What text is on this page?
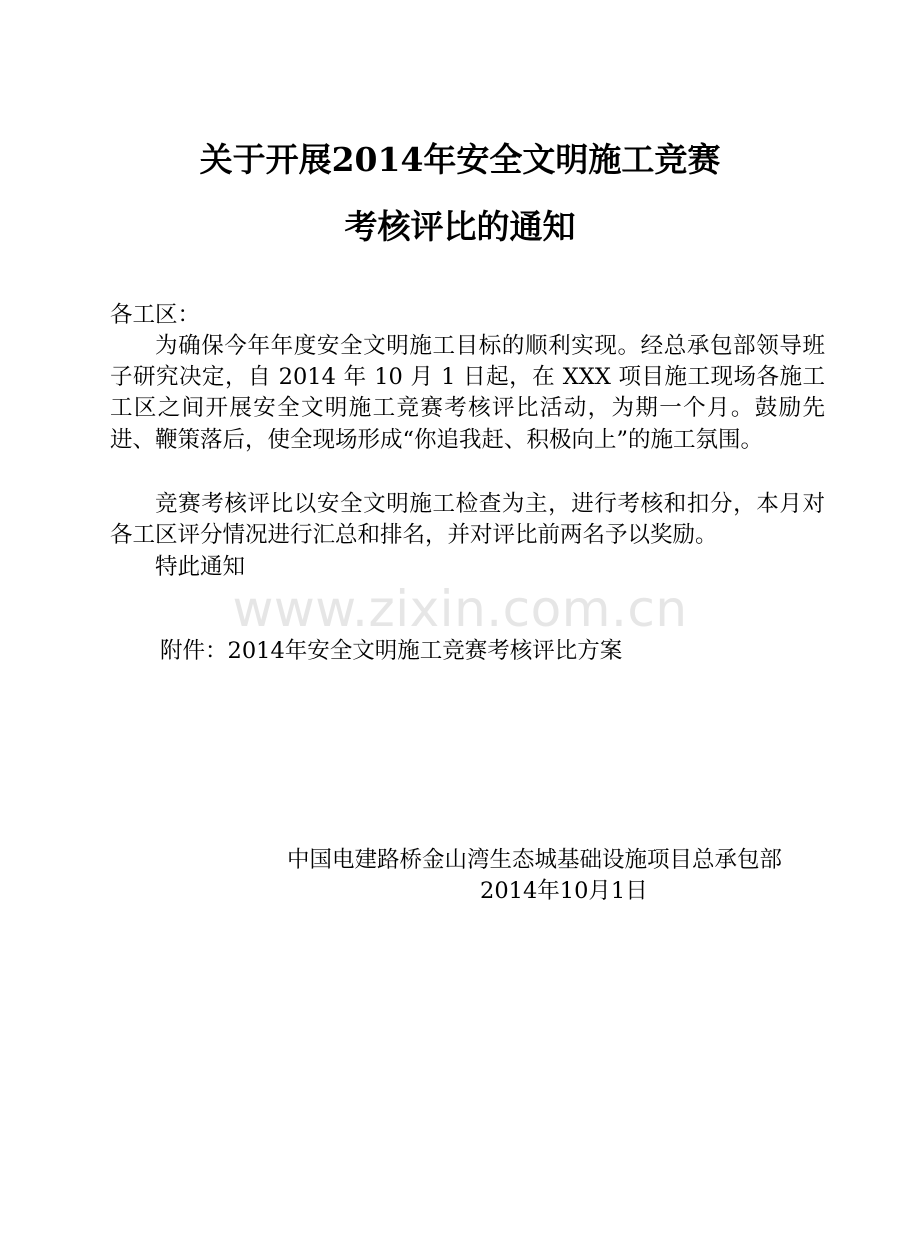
关于开展2014年安全文明施工竞赛
考核评比的通知
各工区：
为确保今年年度安全文明施工目标的顺利实现。经总承包部领导班子研究决定，自 2014 年 10 月 1 日起，在 XXX 项目施工现场各施工工区之间开展安全文明施工竞赛考核评比活动，为期一个月。鼓励先进、鞭策落后，使全现场形成“你追我赶、积极向上”的施工氛围。
竞赛考核评比以安全文明施工检查为主，进行考核和扣分，本月对各工区评分情况进行汇总和排名，并对评比前两名予以奖励。
特此通知
www.zixin.com.cn
附件：2014年安全文明施工竞赛考核评比方案
中国电建路桥金山湾生态城基础设施项目总承包部
2014年10月1日
